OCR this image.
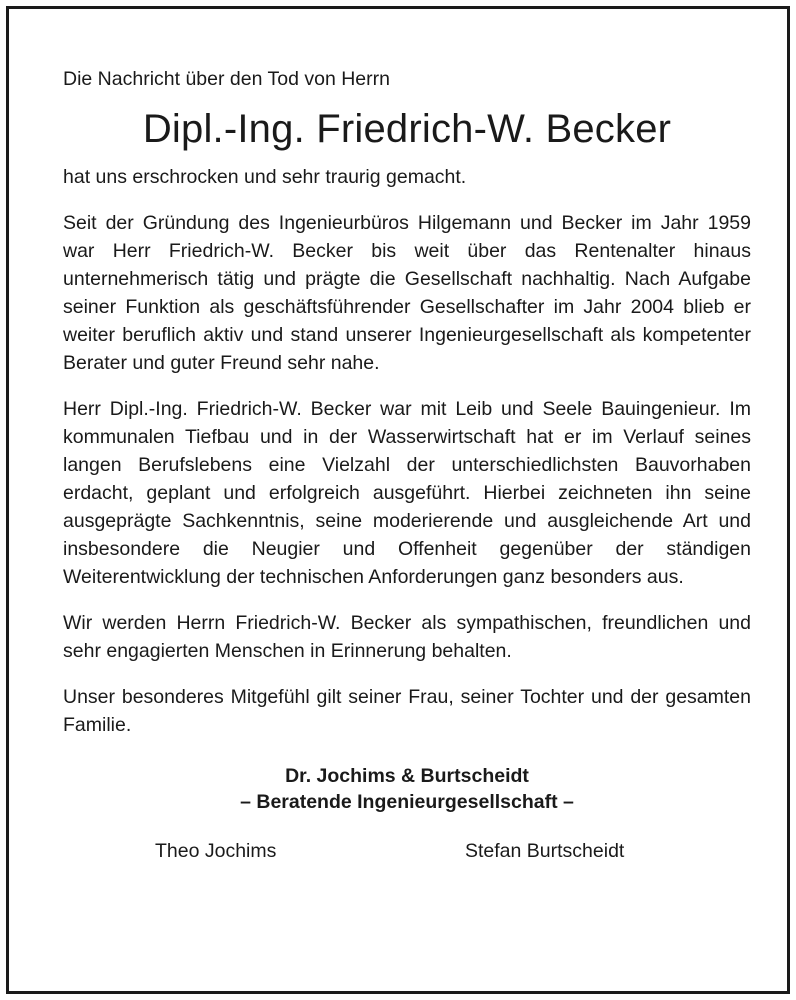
Die Nachricht über den Tod von Herrn

Dipl.-Ing. Friedrich-W. Becker

hat uns erschrocken und sehr traurig gemacht.

Seit der Gründung des Ingenieurbüros Hilgemann und Becker im Jahr 1959 war Herr Friedrich-W. Becker bis weit über das Rentenalter hinaus unternehmerisch tätig und prägte die Gesellschaft nachhaltig. Nach Aufgabe seiner Funktion als geschäftsführender Gesellschafter im Jahr 2004 blieb er weiter beruflich aktiv und stand unserer Ingenieurgesellschaft als kompetenter Berater und guter Freund sehr nahe.

Herr Dipl.-Ing. Friedrich-W. Becker war mit Leib und Seele Bauingenieur. Im kommunalen Tiefbau und in der Wasserwirtschaft hat er im Verlauf seines langen Berufslebens eine Vielzahl der unterschiedlichsten Bauvorhaben erdacht, geplant und erfolgreich ausgeführt. Hierbei zeichneten ihn seine ausgeprägte Sachkenntnis, seine moderierende und ausgleichende Art und insbesondere die Neugier und Offenheit gegenüber der ständigen Weiterentwicklung der technischen Anforderungen ganz besonders aus.

Wir werden Herrn Friedrich-W. Becker als sympathischen, freundlichen und sehr engagierten Menschen in Erinnerung behalten.

Unser besonderes Mitgefühl gilt seiner Frau, seiner Tochter und der gesamten Familie.

Dr. Jochims & Burtscheidt
– Beratende Ingenieurgesellschaft –
Theo Jochims	Stefan Burtscheidt
